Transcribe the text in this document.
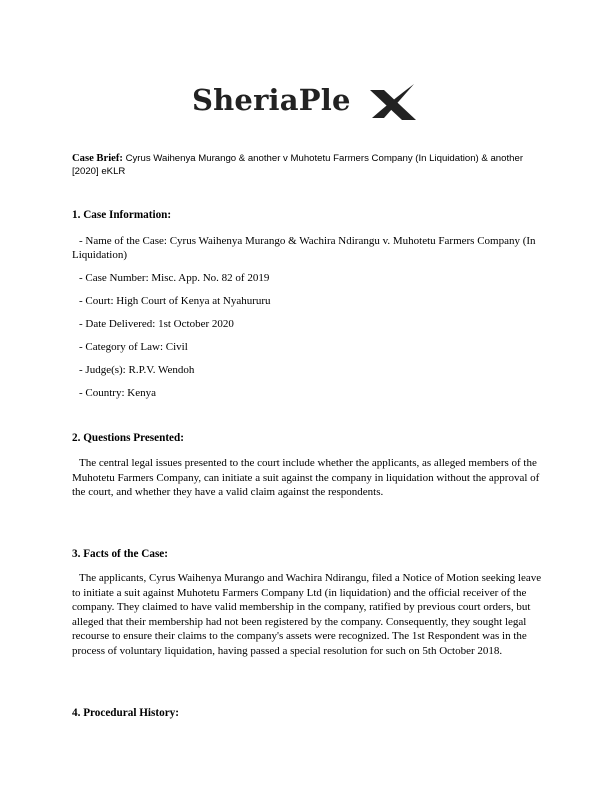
SheriaPle
X
Case Brief: Cyrus Waihenya Murango & another v Muhotetu Farmers Company (In Liquidation) & another [2020] eKLR
1. Case Information:
- Name of the Case: Cyrus Waihenya Murango & Wachira Ndirangu v. Muhotetu Farmers Company (In Liquidation)
- Case Number: Misc. App. No. 82 of 2019
- Court: High Court of Kenya at Nyahururu
- Date Delivered: 1st October 2020
- Category of Law: Civil
- Judge(s): R.P.V. Wendoh
- Country: Kenya
2. Questions Presented:
The central legal issues presented to the court include whether the applicants, as alleged members of the Muhotetu Farmers Company, can initiate a suit against the company in liquidation without the approval of the court, and whether they have a valid claim against the respondents.
3. Facts of the Case:
The applicants, Cyrus Waihenya Murango and Wachira Ndirangu, filed a Notice of Motion seeking leave to initiate a suit against Muhotetu Farmers Company Ltd (in liquidation) and the official receiver of the company. They claimed to have valid membership in the company, ratified by previous court orders, but alleged that their membership had not been registered by the company. Consequently, they sought legal recourse to ensure their claims to the company's assets were recognized. The 1st Respondent was in the process of voluntary liquidation, having passed a special resolution for such on 5th October 2018.
4. Procedural History:
